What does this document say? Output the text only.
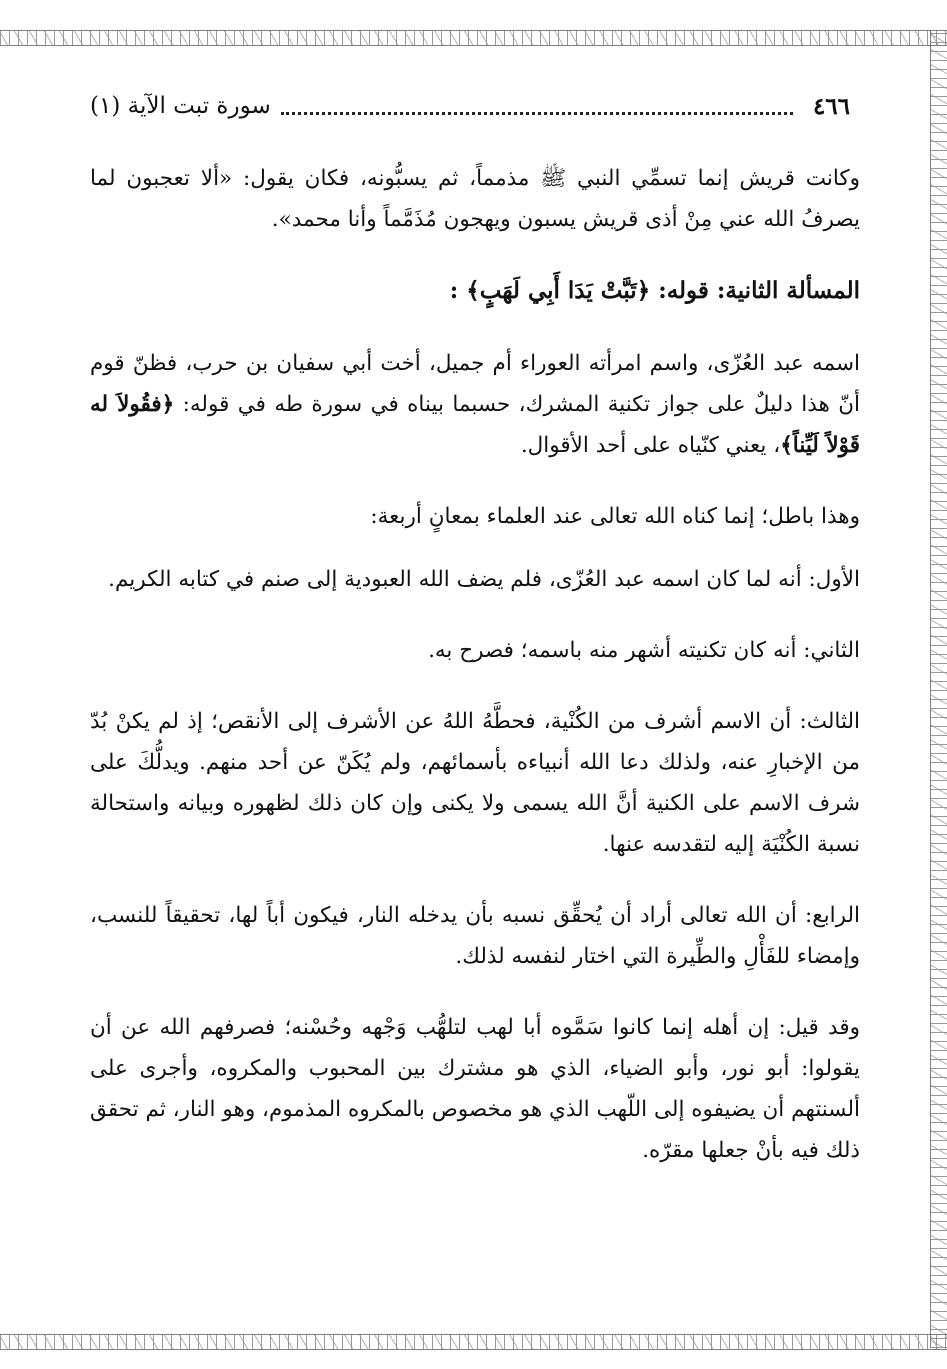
٤٦٦
سورة تبت الآية (١)

وكانت قريش إنما تسمِّي النبي ﷺ مذمماً، ثم يسبُّونه، فكان يقول: «ألا تعجبون لما يصرفُ الله عني مِنْ أذى قريش يسبون ويهجون مُذَمَّماً وأنا محمد».

المسألة الثانية: قوله: ﴿تَبَّتْ يَدَا أَبِي لَهَبٍ﴾ :

اسمه عبد العُزّى، واسم امرأته العوراء أم جميل، أخت أبي سفيان بن حرب، فظنّ قوم أنّ هذا دليلٌ على جواز تكنية المشرك، حسبما بيناه في سورة طه في قوله: ﴿فقُولاَ له قَوْلاً لَيِّناً﴾، يعني كنّياه على أحد الأقوال.

وهذا باطل؛ إنما كناه الله تعالى عند العلماء بمعانٍ أربعة:

الأول: أنه لما كان اسمه عبد العُزّى، فلم يضف الله العبودية إلى صنم في كتابه الكريم.

الثاني: أنه كان تكنيته أشهر منه باسمه؛ فصرح به.

الثالث: أن الاسم أشرف من الكُنْية، فحطَّهُ اللهُ عن الأشرف إلى الأنقص؛ إذ لم يكنْ بُدّ من الإخبارِ عنه، ولذلك دعا الله أنبياءه بأسمائهم، ولم يُكَنّ عن أحد منهم. ويدلُّكَ على شرف الاسم على الكنية أنَّ الله يسمى ولا يكنى وإن كان ذلك لظهوره وبيانه واستحالة نسبة الكُنْيَة إليه لتقدسه عنها.

الرابع: أن الله تعالى أراد أن يُحقِّق نسبه بأن يدخله النار، فيكون أباً لها، تحقيقاً للنسب، وإمضاء للفَأْلِ والطِّيرة التي اختار لنفسه لذلك.

وقد قيل: إن أهله إنما كانوا سَمَّوه أبا لهب لتلهُّب وَجْهه وحُسْنه؛ فصرفهم الله عن أن يقولوا: أبو نور، وأبو الضياء، الذي هو مشترك بين المحبوب والمكروه، وأجرى على ألسنتهم أن يضيفوه إلى اللّهب الذي هو مخصوص بالمكروه المذموم، وهو النار، ثم تحقق ذلك فيه بأنْ جعلها مقرّه.
